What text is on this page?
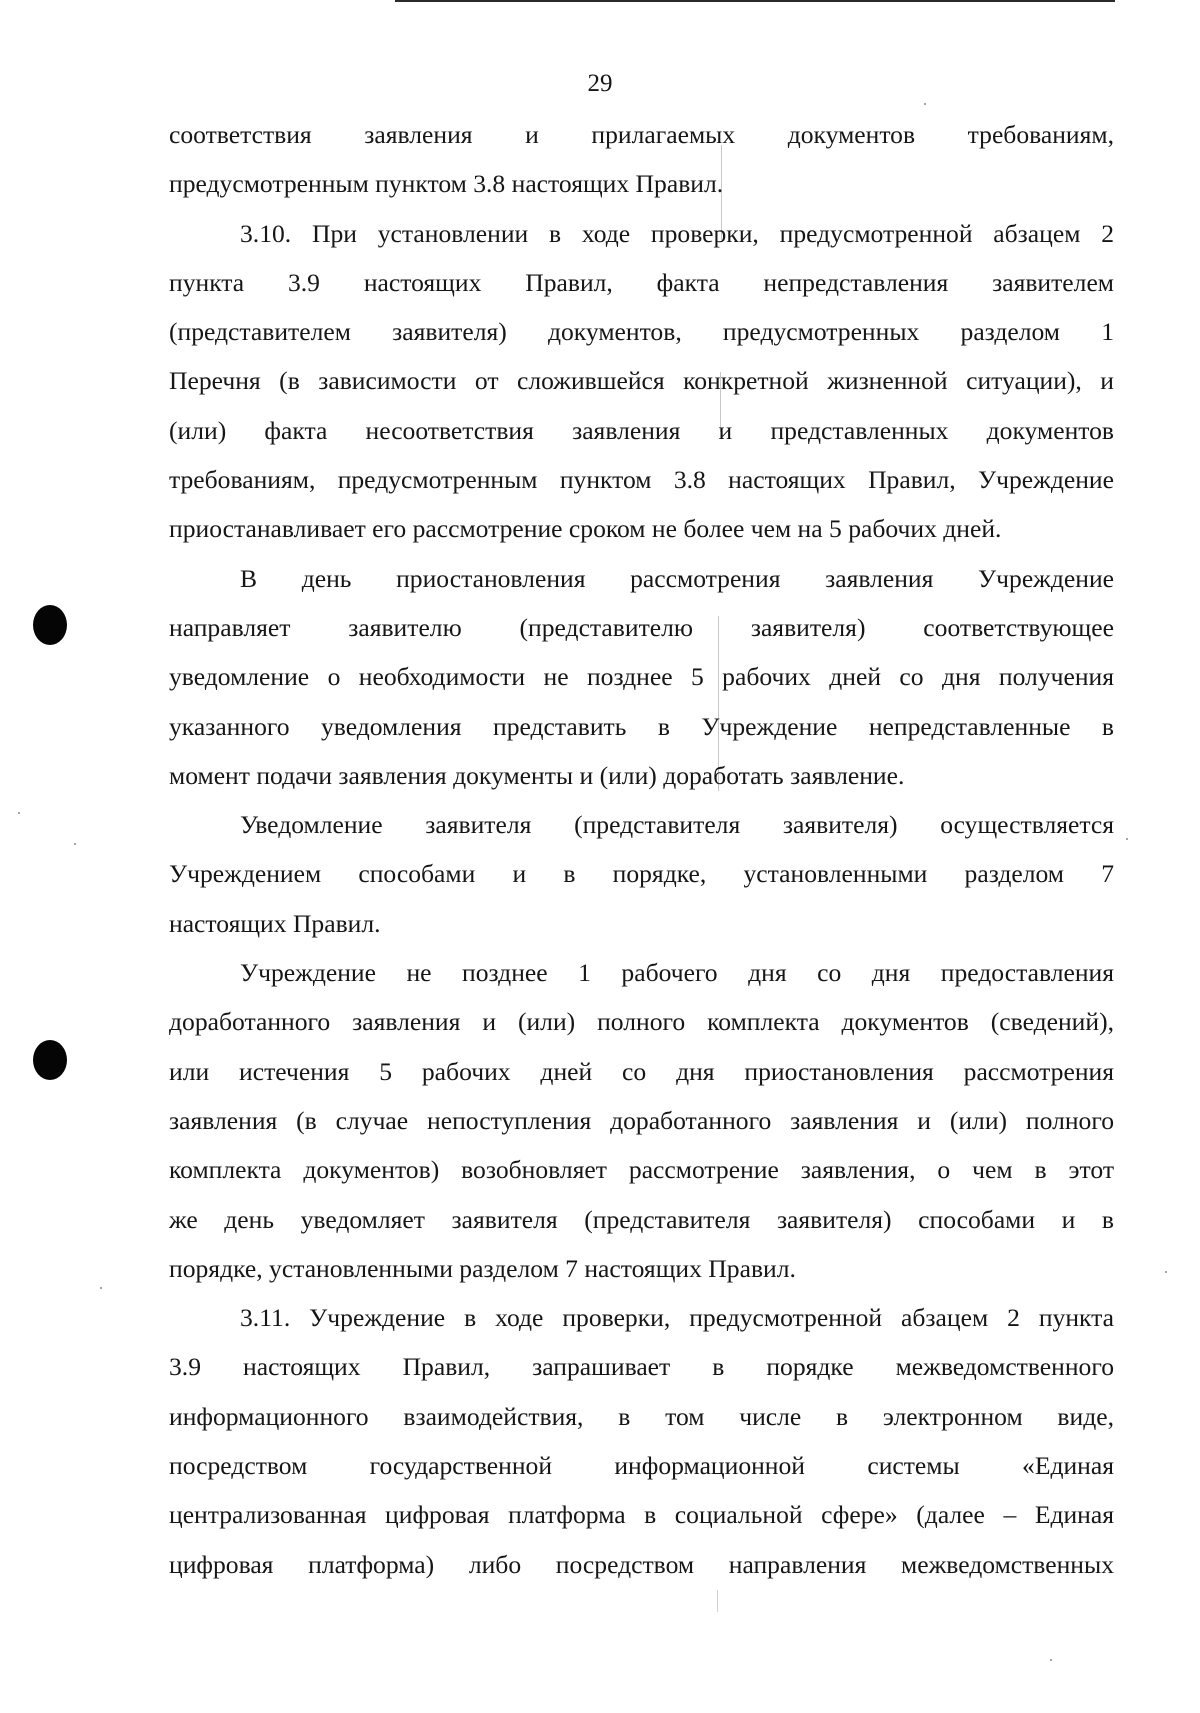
29

соответствия заявления и прилагаемых документов требованиям,
предусмотренным пунктом 3.8 настоящих Правил.

3.10. При установлении в ходе проверки, предусмотренной абзацем 2
пункта 3.9 настоящих Правил, факта непредставления заявителем
(представителем заявителя) документов, предусмотренных разделом 1
Перечня (в зависимости от сложившейся конкретной жизненной ситуации), и
(или) факта несоответствия заявления и представленных документов
требованиям, предусмотренным пунктом 3.8 настоящих Правил, Учреждение
приостанавливает его рассмотрение сроком не более чем на 5 рабочих дней.

В день приостановления рассмотрения заявления Учреждение
направляет заявителю (представителю заявителя) соответствующее
уведомление о необходимости не позднее 5 рабочих дней со дня получения
указанного уведомления представить в Учреждение непредставленные в
момент подачи заявления документы и (или) доработать заявление.

Уведомление заявителя (представителя заявителя) осуществляется
Учреждением способами и в порядке, установленными разделом 7
настоящих Правил.

Учреждение не позднее 1 рабочего дня со дня предоставления
доработанного заявления и (или) полного комплекта документов (сведений),
или истечения 5 рабочих дней со дня приостановления рассмотрения
заявления (в случае непоступления доработанного заявления и (или) полного
комплекта документов) возобновляет рассмотрение заявления, о чем в этот
же день уведомляет заявителя (представителя заявителя) способами и в
порядке, установленными разделом 7 настоящих Правил.

3.11. Учреждение в ходе проверки, предусмотренной абзацем 2 пункта
3.9 настоящих Правил, запрашивает в порядке межведомственного
информационного взаимодействия, в том числе в электронном виде,
посредством государственной информационной системы «Единая
централизованная цифровая платформа в социальной сфере» (далее – Единая
цифровая платформа) либо посредством направления межведомственных
